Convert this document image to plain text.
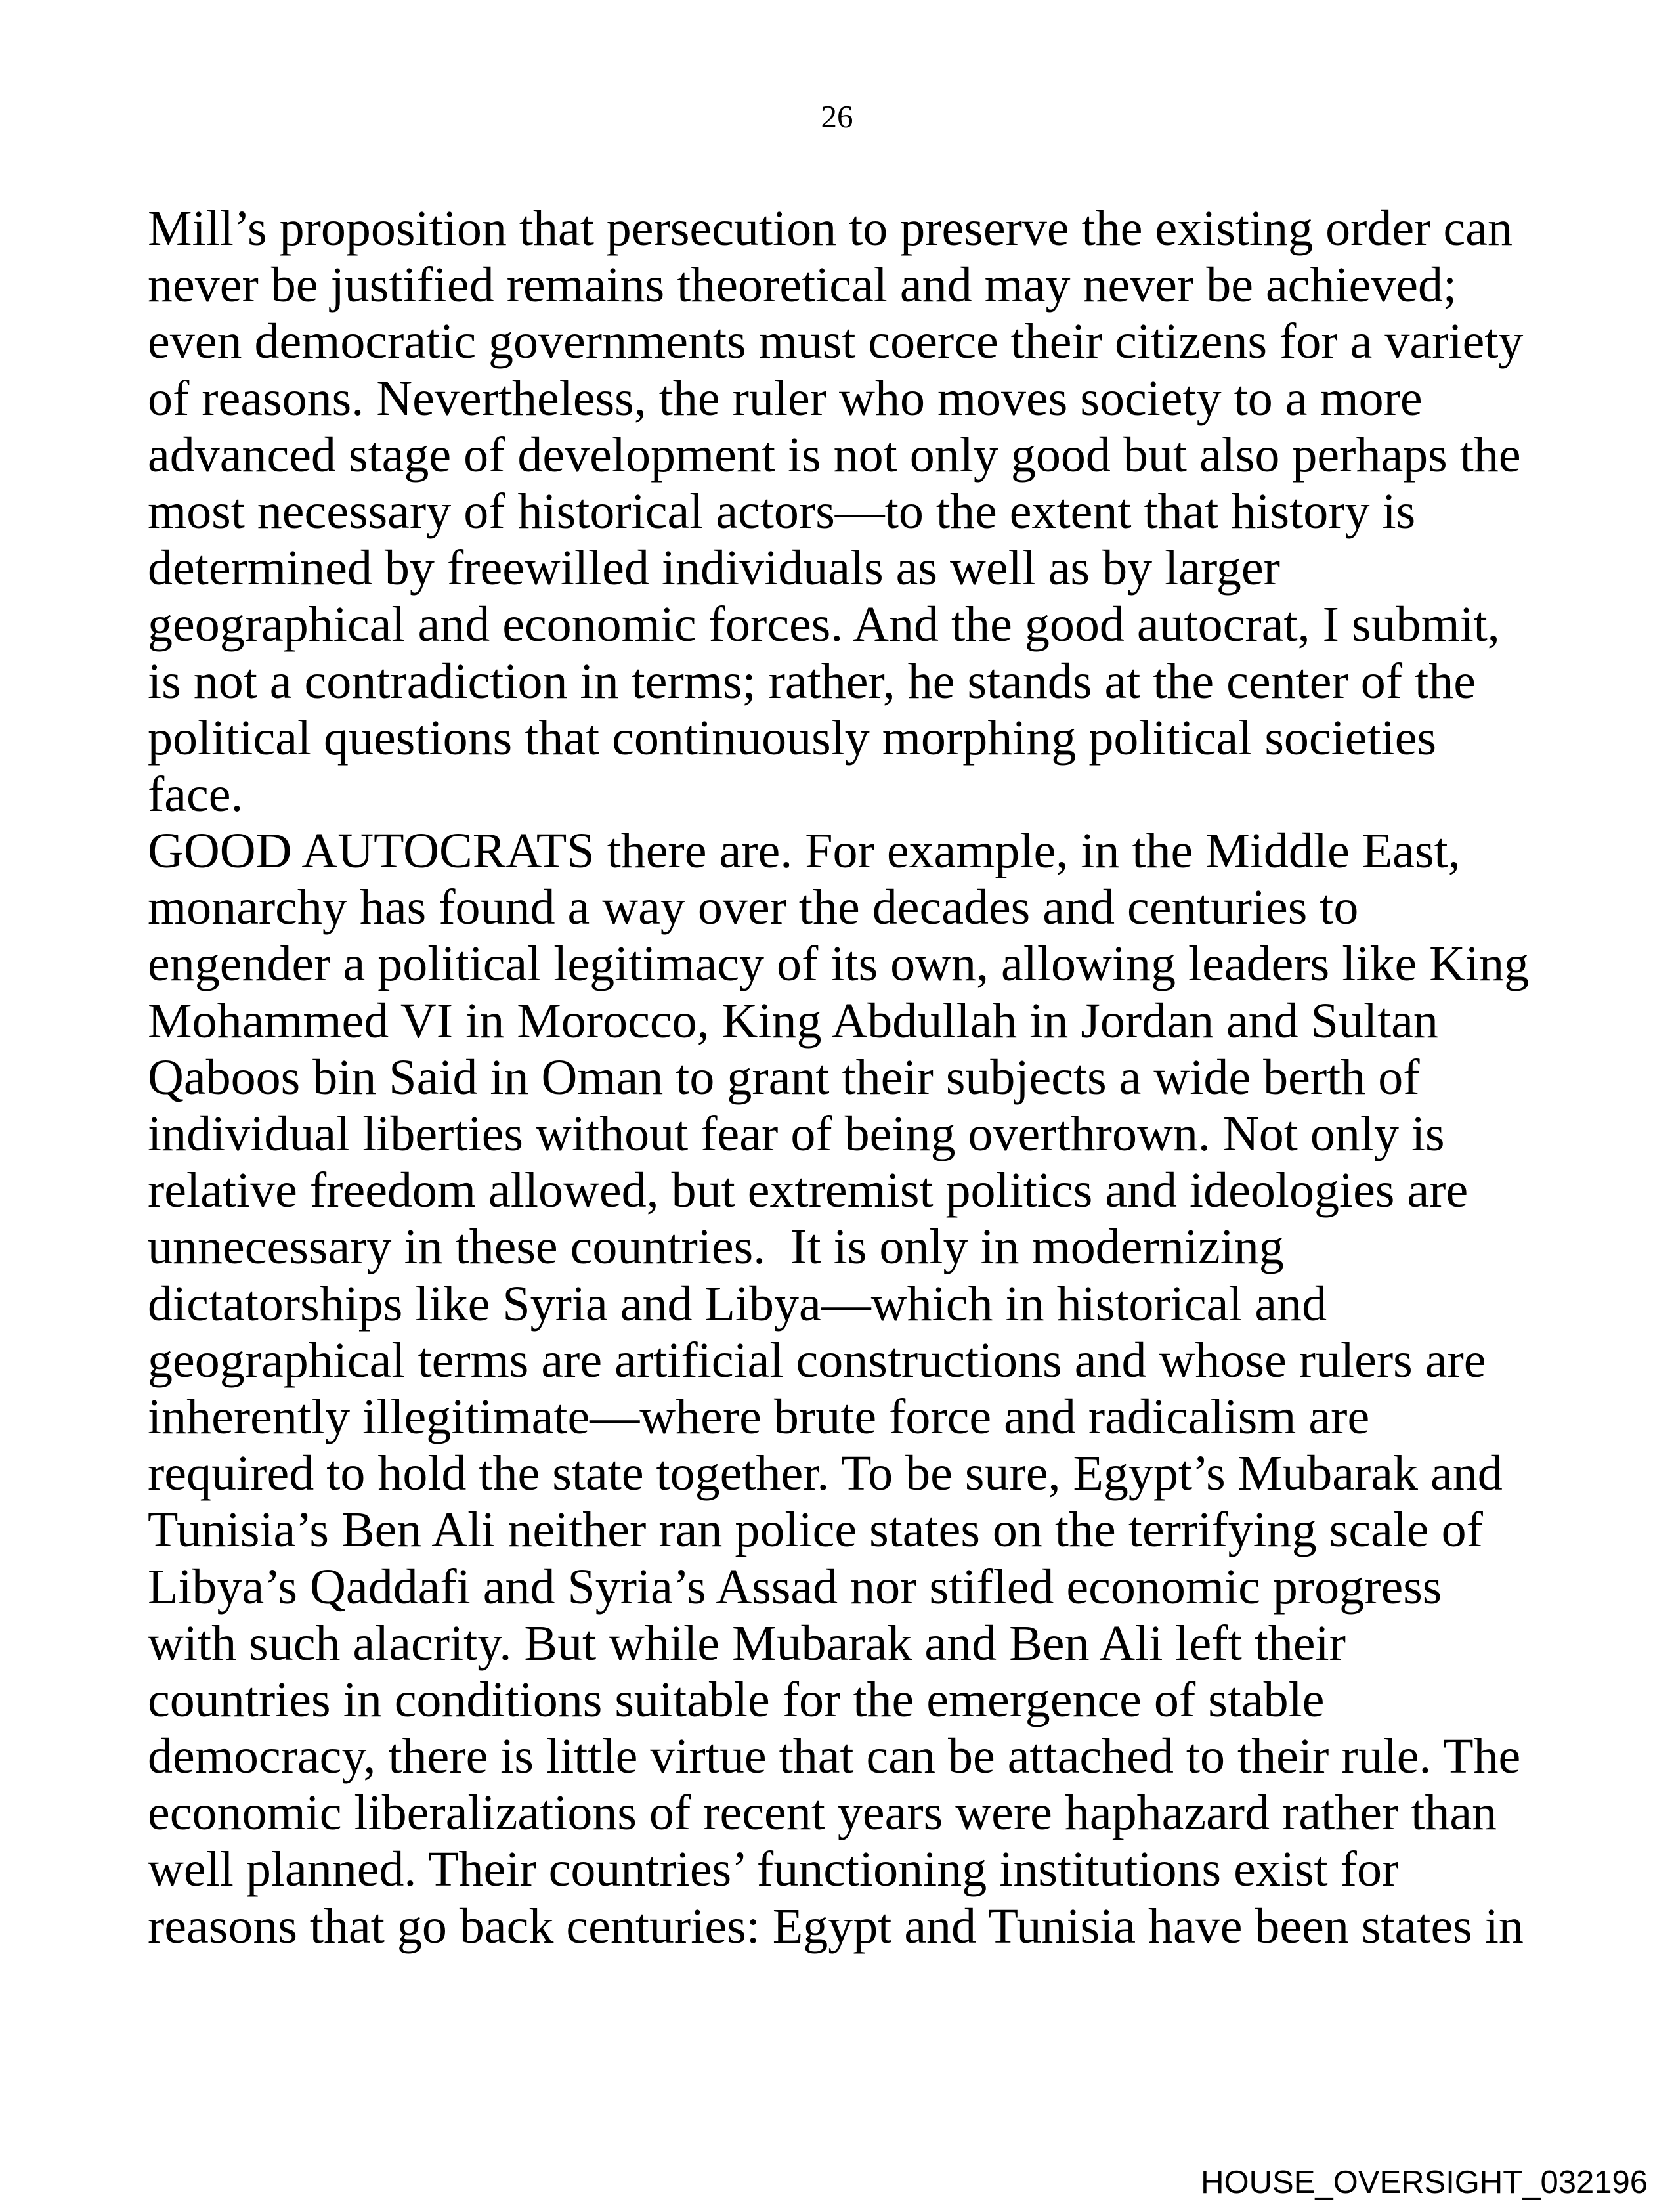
26
Mill’s proposition that persecution to preserve the existing order can
never be justified remains theoretical and may never be achieved;
even democratic governments must coerce their citizens for a variety
of reasons. Nevertheless, the ruler who moves society to a more
advanced stage of development is not only good but also perhaps the
most necessary of historical actors—to the extent that history is
determined by freewilled individuals as well as by larger
geographical and economic forces. And the good autocrat, I submit,
is not a contradiction in terms; rather, he stands at the center of the
political questions that continuously morphing political societies
face.
GOOD AUTOCRATS there are. For example, in the Middle East,
monarchy has found a way over the decades and centuries to
engender a political legitimacy of its own, allowing leaders like King
Mohammed VI in Morocco, King Abdullah in Jordan and Sultan
Qaboos bin Said in Oman to grant their subjects a wide berth of
individual liberties without fear of being overthrown. Not only is
relative freedom allowed, but extremist politics and ideologies are
unnecessary in these countries.  It is only in modernizing
dictatorships like Syria and Libya—which in historical and
geographical terms are artificial constructions and whose rulers are
inherently illegitimate—where brute force and radicalism are
required to hold the state together. To be sure, Egypt’s Mubarak and
Tunisia’s Ben Ali neither ran police states on the terrifying scale of
Libya’s Qaddafi and Syria’s Assad nor stifled economic progress
with such alacrity. But while Mubarak and Ben Ali left their
countries in conditions suitable for the emergence of stable
democracy, there is little virtue that can be attached to their rule. The
economic liberalizations of recent years were haphazard rather than
well planned. Their countries’ functioning institutions exist for
reasons that go back centuries: Egypt and Tunisia have been states in
HOUSE_OVERSIGHT_032196
